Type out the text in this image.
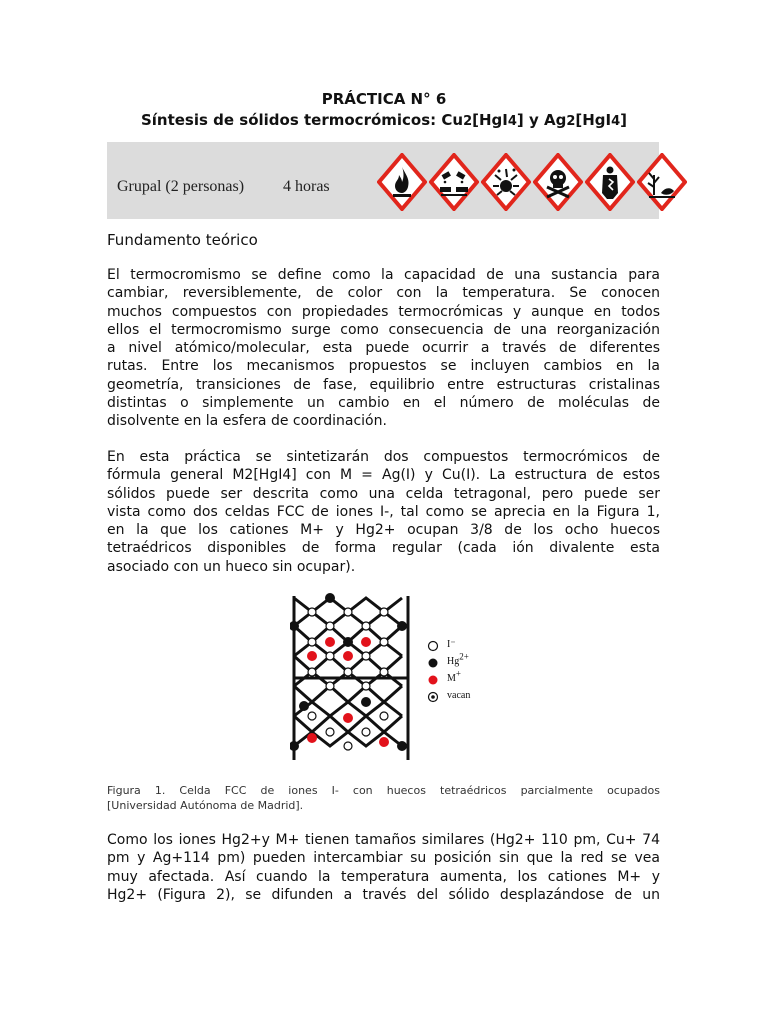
PRÁCTICA N° 6
Síntesis de sólidos termocrómicos: Cu2[HgI4] y Ag2[HgI4]
Grupal (2 personas) 4 horas
Fundamento teórico
El termocromismo se define como la capacidad de una sustancia para
cambiar, reversiblemente, de color con la temperatura. Se conocen
muchos compuestos con propiedades termocrómicas y aunque en todos
ellos el termocromismo surge como consecuencia de una reorganización
a nivel atómico/molecular, esta puede ocurrir a través de diferentes
rutas. Entre los mecanismos propuestos se incluyen cambios en la
geometría, transiciones de fase, equilibrio entre estructuras cristalinas
distintas o simplemente un cambio en el número de moléculas de
disolvente en la esfera de coordinación.
En esta práctica se sintetizarán dos compuestos termocrómicos de
fórmula general M2[HgI4] con M = Ag(I) y Cu(I). La estructura de estos
sólidos puede ser descrita como una celda tetragonal, pero puede ser
vista como dos celdas FCC de iones I-, tal como se aprecia en la Figura 1,
en la que los cationes M+ y Hg2+ ocupan 3/8 de los ocho huecos
tetraédricos disponibles de forma regular (cada ión divalente esta
asociado con un hueco sin ocupar).
I⁻
$Hg^{2+}$
M+
vacan
Figura 1. Celda FCC de iones I- con huecos tetraédricos parcialmente ocupados
[Universidad Autónoma de Madrid].
Como los iones Hg2+y M+ tienen tamaños similares (Hg2+ 110 pm, Cu+ 74
pm y Ag+114 pm) pueden intercambiar su posición sin que la red se vea
muy afectada. Así cuando la temperatura aumenta, los cationes M+ y
Hg2+ (Figura 2), se difunden a través del sólido desplazándose de un
